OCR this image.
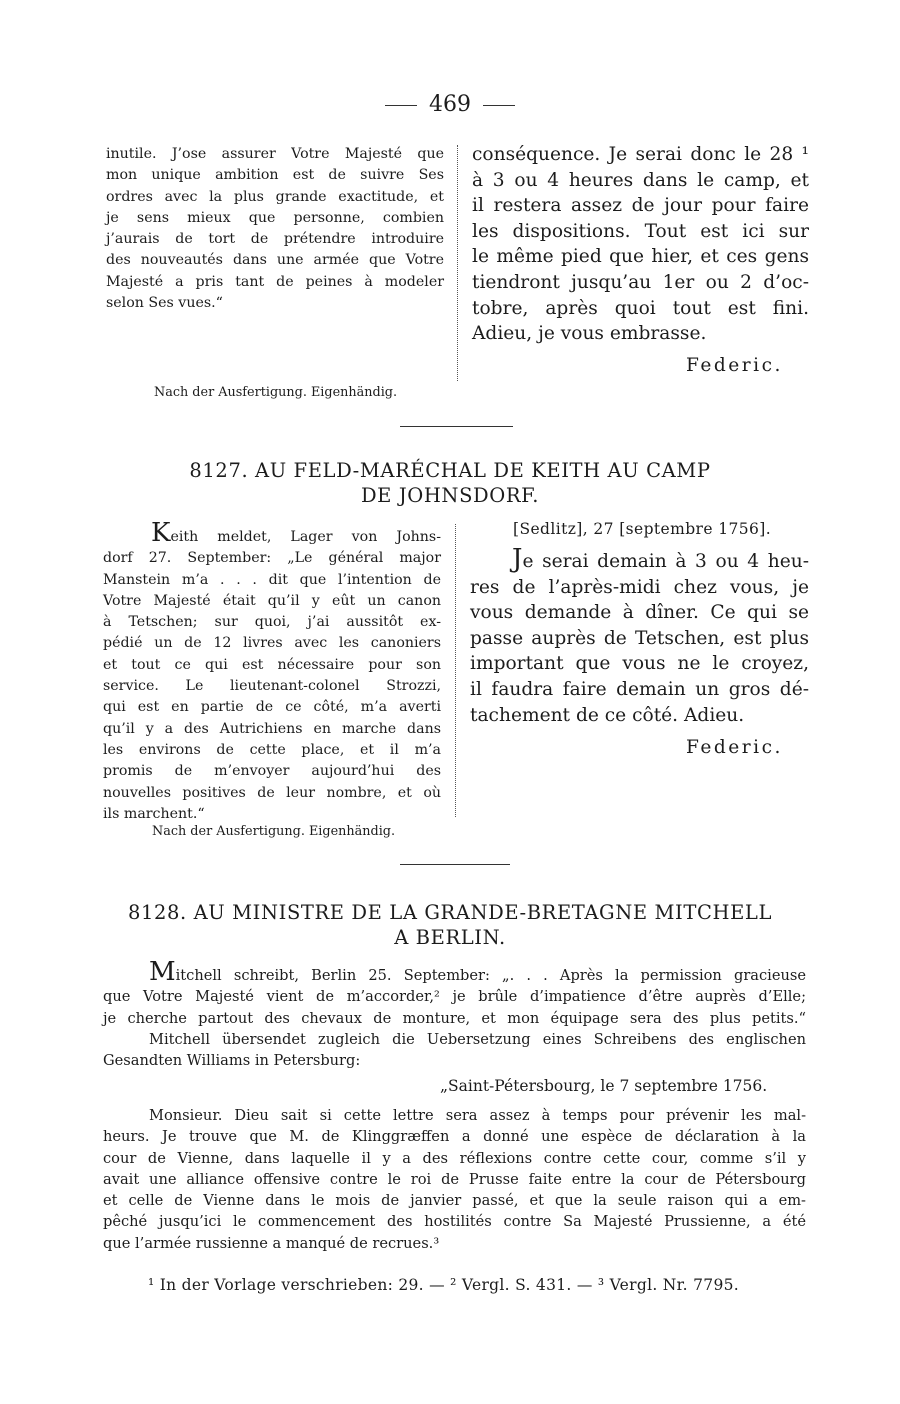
469
inutile. J’ose assurer Votre Majesté que
mon unique ambition est de suivre Ses
ordres avec la plus grande exactitude, et
je sens mieux que personne, combien
j’aurais de tort de prétendre introduire
des nouveautés dans une armée que Votre
Majesté a pris tant de peines à modeler
selon Ses vues.“
conséquence. Je serai donc le 28 ¹
à 3 ou 4 heures dans le camp, et
il restera assez de jour pour faire
les dispositions. Tout est ici sur
le même pied que hier, et ces gens
tiendront jusqu’au 1er ou 2 d’oc-
tobre, après quoi tout est fini.
Adieu, je vous embrasse.
Federic.
Nach der Ausfertigung. Eigenhändig.
8127. AU FELD-MARÉCHAL DE KEITH AU CAMP
DE JOHNSDORF.
Keith meldet, Lager von Johns-
dorf 27. September: „Le général major
Manstein m’a . . . dit que l’intention de
Votre Majesté était qu’il y eût un canon
à Tetschen; sur quoi, j’ai aussitôt ex-
pédié un de 12 livres avec les canoniers
et tout ce qui est nécessaire pour son
service. Le lieutenant-colonel Strozzi,
qui est en partie de ce côté, m’a averti
qu’il y a des Autrichiens en marche dans
les environs de cette place, et il m’a
promis de m’envoyer aujourd’hui des
nouvelles positives de leur nombre, et où
ils marchent.“
[Sedlitz], 27 [septembre 1756].
Je serai demain à 3 ou 4 heu-
res de l’après-midi chez vous, je
vous demande à dîner. Ce qui se
passe auprès de Tetschen, est plus
important que vous ne le croyez,
il faudra faire demain un gros dé-
tachement de ce côté. Adieu.
Federic.
Nach der Ausfertigung. Eigenhändig.
8128. AU MINISTRE DE LA GRANDE-BRETAGNE MITCHELL
A BERLIN.
Mitchell schreibt, Berlin 25. September: „. . . Après la permission gracieuse
que Votre Majesté vient de m’accorder,² je brûle d’impatience d’être auprès d’Elle;
je cherche partout des chevaux de monture, et mon équipage sera des plus petits.“
Mitchell übersendet zugleich die Uebersetzung eines Schreibens des englischen
Gesandten Williams in Petersburg:
„Saint-Pétersbourg, le 7 septembre 1756.
Monsieur. Dieu sait si cette lettre sera assez à temps pour prévenir les mal-
heurs. Je trouve que M. de Klinggræffen a donné une espèce de déclaration à la
cour de Vienne, dans laquelle il y a des réflexions contre cette cour, comme s’il y
avait une alliance offensive contre le roi de Prusse faite entre la cour de Pétersbourg
et celle de Vienne dans le mois de janvier passé, et que la seule raison qui a em-
pêché jusqu’ici le commencement des hostilités contre Sa Majesté Prussienne, a été
que l’armée russienne a manqué de recrues.³
¹ In der Vorlage verschrieben: 29. — ² Vergl. S. 431. — ³ Vergl. Nr. 7795.
